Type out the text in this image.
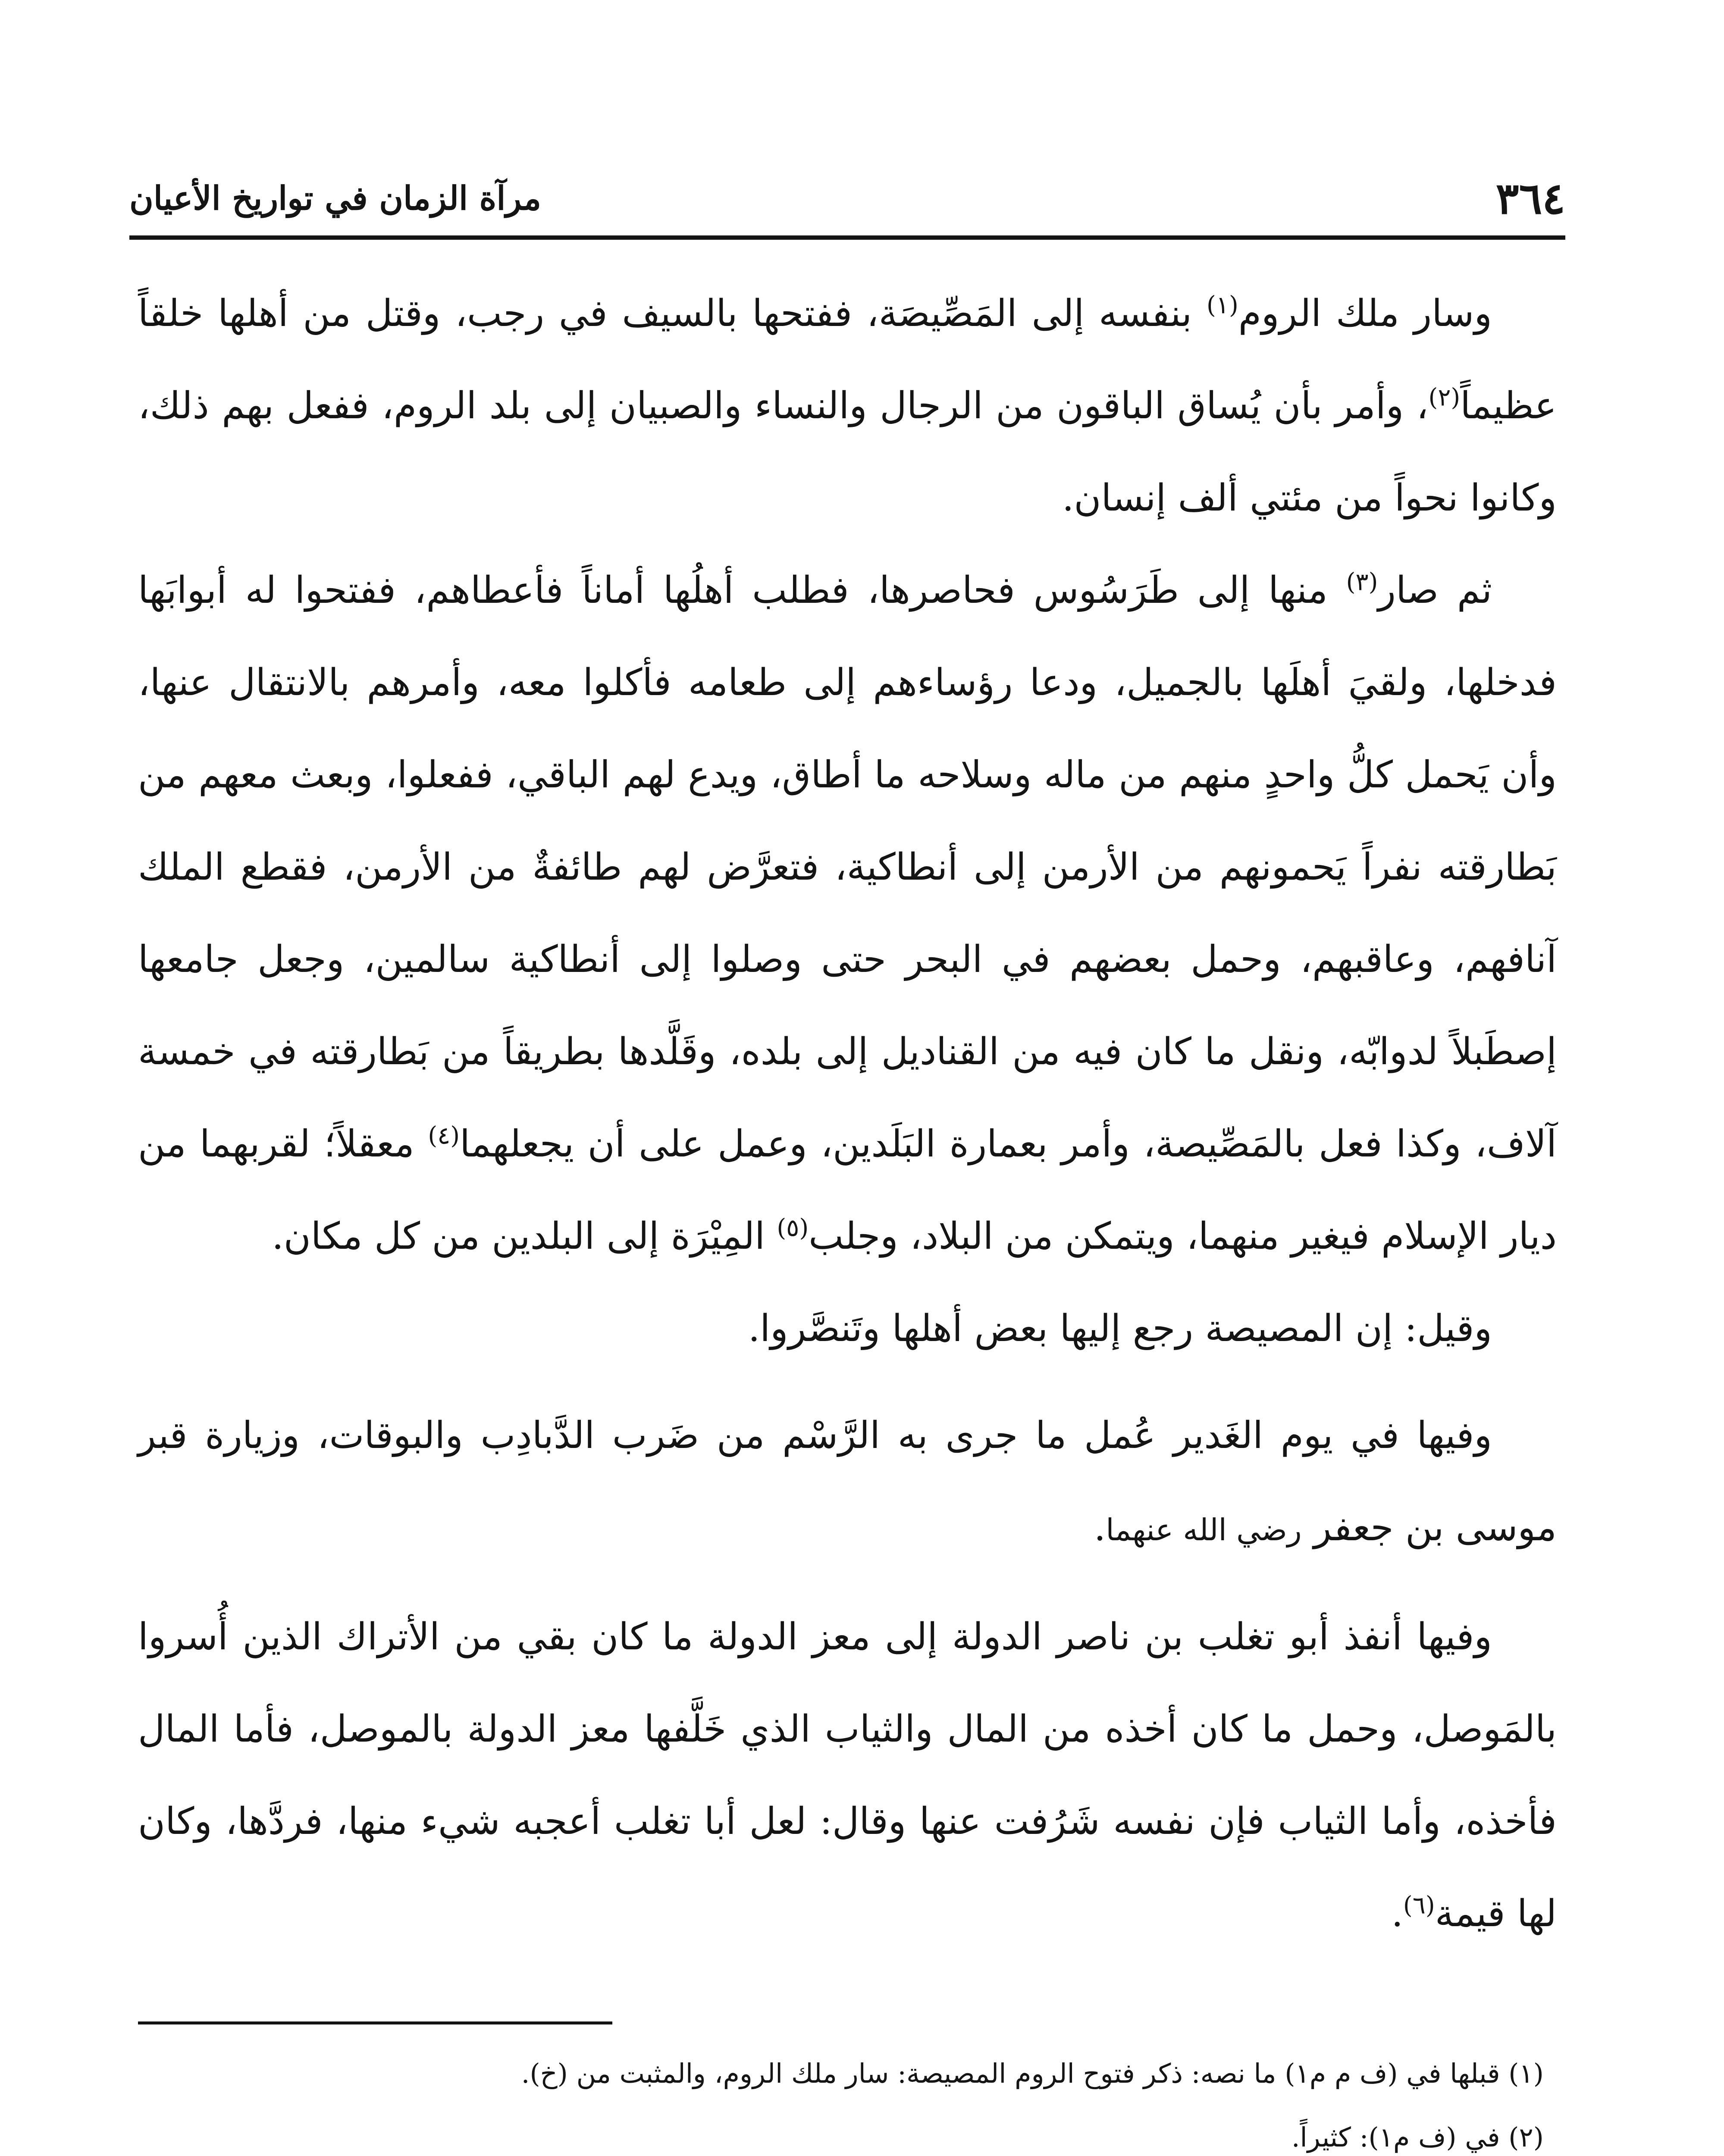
٣٦٤
مرآة الزمان في تواريخ الأعيان

وسار ملك الروم$^{(١)}$ بنفسه إلى المَصِّيصَة، ففتحها بالسيف في رجب، وقتل من أهلها خلقاً عظيماً$^{(٢)}$، وأمر بأن يُساق الباقون من الرجال والنساء والصبيان إلى بلد الروم، ففعل بهم ذلك، وكانوا نحواً من مئتي ألف إنسان.

ثم صار$^{(٣)}$ منها إلى طَرَسُوس فحاصرها، فطلب أهلُها أماناً فأعطاهم، ففتحوا له أبوابَها فدخلها، ولقيَ أهلَها بالجميل، ودعا رؤساءهم إلى طعامه فأكلوا معه، وأمرهم بالانتقال عنها، وأن يَحمل كلُّ واحدٍ منهم من ماله وسلاحه ما أطاق، ويدع لهم الباقي، ففعلوا، وبعث معهم من بَطارقته نفراً يَحمونهم من الأرمن إلى أنطاكية، فتعرَّض لهم طائفةٌ من الأرمن، فقطع الملك آنافهم، وعاقبهم، وحمل بعضهم في البحر حتى وصلوا إلى أنطاكية سالمين، وجعل جامعها إصطَبلاً لدوابّه، ونقل ما كان فيه من القناديل إلى بلده، وقَلَّدها بطريقاً من بَطارقته في خمسة آلاف، وكذا فعل بالمَصِّيصة، وأمر بعمارة البَلَدين، وعمل على أن يجعلهما$^{(٤)}$ معقلاً؛ لقربهما من ديار الإسلام فيغير منهما، ويتمكن من البلاد، وجلب$^{(٥)}$ المِيْرَة إلى البلدين من كل مكان.

وقيل: إن المصيصة رجع إليها بعض أهلها وتَنصَّروا.

وفيها في يوم الغَدير عُمل ما جرى به الرَّسْم من ضَرب الدَّبادِب والبوقات، وزيارة قبر موسى بن جعفر رضي الله عنهما.

وفيها أنفذ أبو تغلب بن ناصر الدولة إلى معز الدولة ما كان بقي من الأتراك الذين أُسروا بالمَوصل، وحمل ما كان أخذه من المال والثياب الذي خَلَّفها معز الدولة بالموصل، فأما المال فأخذه، وأما الثياب فإن نفسه شَرُفت عنها وقال: لعل أبا تغلب أعجبه شيء منها، فردَّها، وكان لها قيمة$^{(٦)}$.

(١) قبلها في (ف م م١) ما نصه: ذكر فتوح الروم المصيصة: سار ملك الروم، والمثبت من (خ).

(٢) في (ف م١): كثيراً.
